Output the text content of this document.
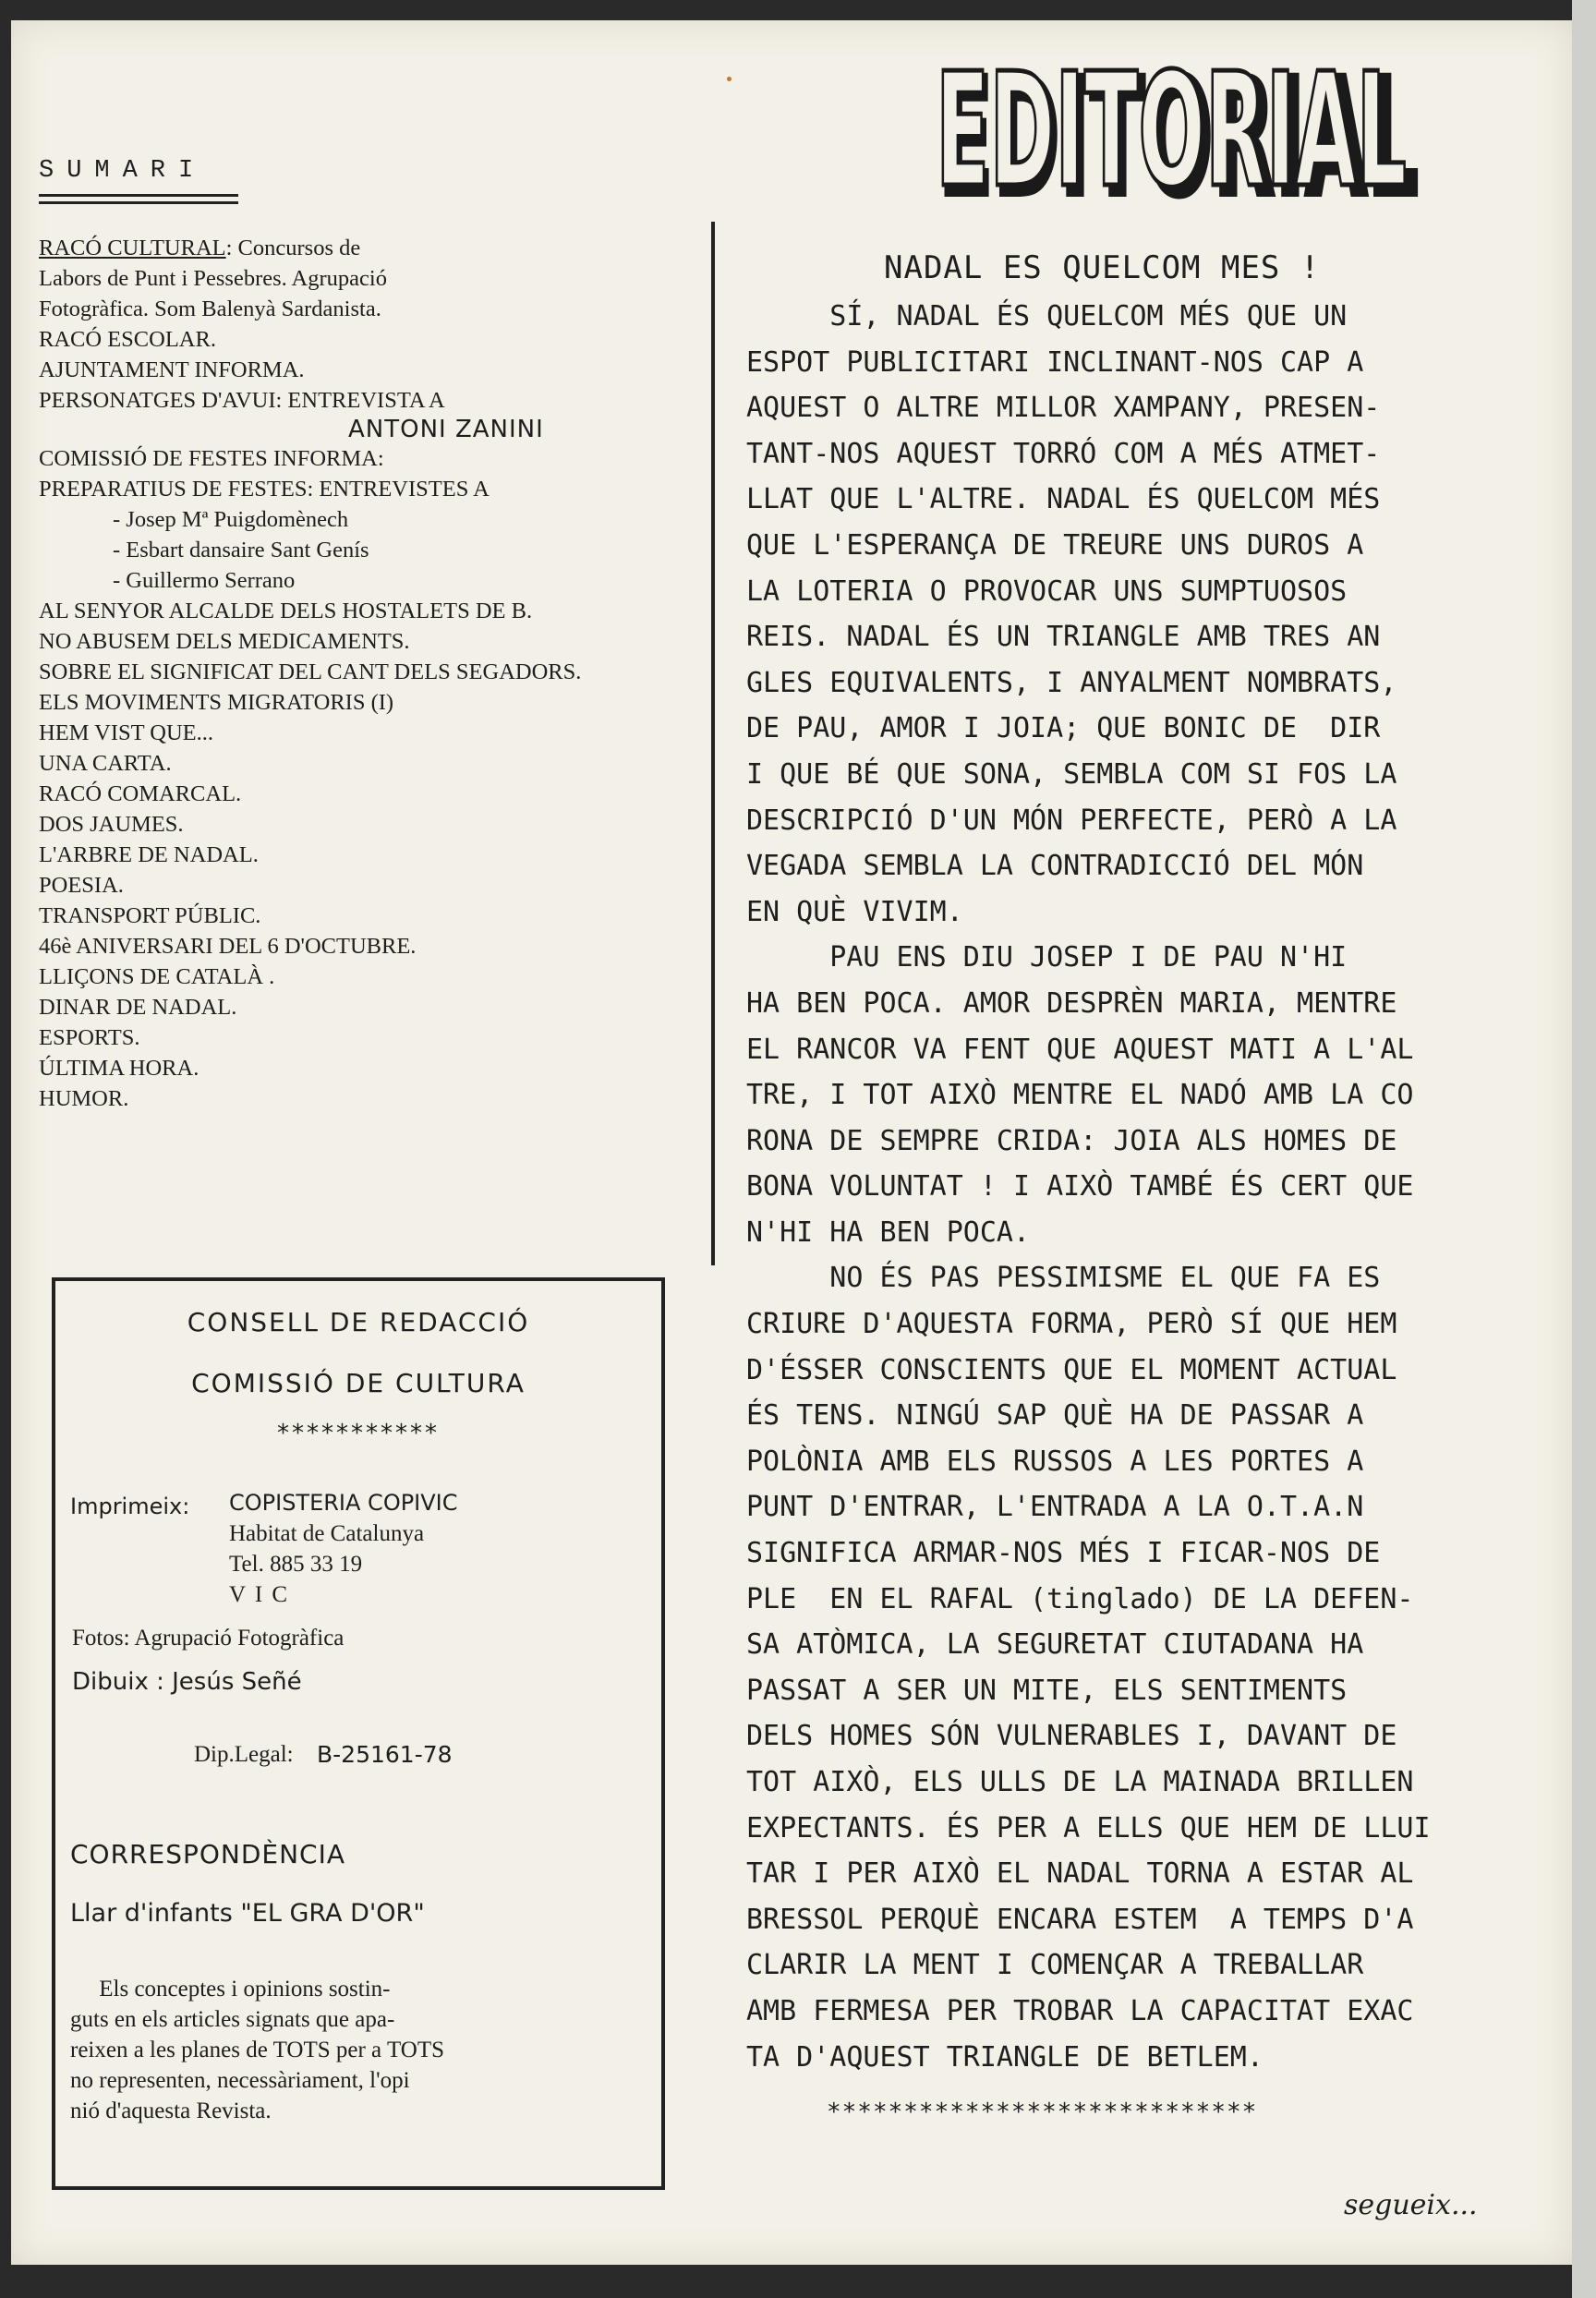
SUMARI
RACÓ CULTURAL: Concursos de
Labors de Punt i Pessebres. Agrupació
Fotogràfica. Som Balenyà Sardanista.
RACÓ ESCOLAR.
AJUNTAMENT INFORMA.
PERSONATGES D'AVUI: ENTREVISTA A
ANTONI ZANINI
COMISSIÓ DE FESTES INFORMA:
PREPARATIUS DE FESTES: ENTREVISTES A
- Josep Mª Puigdomènech
- Esbart dansaire Sant Genís
- Guillermo Serrano
AL SENYOR ALCALDE DELS HOSTALETS DE B.
NO ABUSEM DELS MEDICAMENTS.
SOBRE EL SIGNIFICAT DEL CANT DELS SEGADORS.
ELS MOVIMENTS MIGRATORIS (I)
HEM VIST QUE...
UNA CARTA.
RACÓ COMARCAL.
DOS JAUMES.
L'ARBRE DE NADAL.
POESIA.
TRANSPORT PÚBLIC.
46è ANIVERSARI DEL 6 D'OCTUBRE.
LLIÇONS DE CATALÀ .
DINAR DE NADAL.
ESPORTS.
ÚLTIMA HORA.
HUMOR.
CONSELL DE REDACCIÓ
COMISSIÓ DE CULTURA
***********
Imprimeix: COPISTERIA COPIVIC
Habitat de Catalunya
Tel. 885 33 19
V I C
Fotos: Agrupació Fotogràfica
Dibuix : Jesús Señé
Dip.Legal: B-25161-78
CORRESPONDÈNCIA
Llar d'infants "EL GRA D'OR"
Els conceptes i opinions sostin-
guts en els articles signats que apa-
reixen a les planes de TOTS per a TOTS
no representen, necessàriament, l'opi
nió d'aquesta Revista.
EDITORIAL
EDITORIAL
NADAL ES QUELCOM MES !
SÍ, NADAL ÉS QUELCOM MÉS QUE UN
ESPOT PUBLICITARI INCLINANT-NOS CAP A
AQUEST O ALTRE MILLOR XAMPANY, PRESEN-
TANT-NOS AQUEST TORRÓ COM A MÉS ATMET-
LLAT QUE L'ALTRE. NADAL ÉS QUELCOM MÉS
QUE L'ESPERANÇA DE TREURE UNS DUROS A
LA LOTERIA O PROVOCAR UNS SUMPTUOSOS
REIS. NADAL ÉS UN TRIANGLE AMB TRES AN
GLES EQUIVALENTS, I ANYALMENT NOMBRATS,
DE PAU, AMOR I JOIA; QUE BONIC DE  DIR
I QUE BÉ QUE SONA, SEMBLA COM SI FOS LA
DESCRIPCIÓ D'UN MÓN PERFECTE, PERÒ A LA
VEGADA SEMBLA LA CONTRADICCIÓ DEL MÓN
EN QUÈ VIVIM.
PAU ENS DIU JOSEP I DE PAU N'HI
HA BEN POCA. AMOR DESPRÈN MARIA, MENTRE
EL RANCOR VA FENT QUE AQUEST MATI A L'AL
TRE, I TOT AIXÒ MENTRE EL NADÓ AMB LA CO
RONA DE SEMPRE CRIDA: JOIA ALS HOMES DE
BONA VOLUNTAT ! I AIXÒ TAMBÉ ÉS CERT QUE
N'HI HA BEN POCA.
NO ÉS PAS PESSIMISME EL QUE FA ES
CRIURE D'AQUESTA FORMA, PERÒ SÍ QUE HEM
D'ÉSSER CONSCIENTS QUE EL MOMENT ACTUAL
ÉS TENS. NINGÚ SAP QUÈ HA DE PASSAR A
POLÒNIA AMB ELS RUSSOS A LES PORTES A
PUNT D'ENTRAR, L'ENTRADA A LA O.T.A.N
SIGNIFICA ARMAR-NOS MÉS I FICAR-NOS DE
PLE  EN EL RAFAL (tinglado) DE LA DEFEN-
SA ATÒMICA, LA SEGURETAT CIUTADANA HA
PASSAT A SER UN MITE, ELS SENTIMENTS
DELS HOMES SÓN VULNERABLES I, DAVANT DE
TOT AIXÒ, ELS ULLS DE LA MAINADA BRILLEN
EXPECTANTS. ÉS PER A ELLS QUE HEM DE LLUI
TAR I PER AIXÒ EL NADAL TORNA A ESTAR AL
BRESSOL PERQUÈ ENCARA ESTEM  A TEMPS D'A
CLARIR LA MENT I COMENÇAR A TREBALLAR
AMB FERMESA PER TROBAR LA CAPACITAT EXAC
TA D'AQUEST TRIANGLE DE BETLEM.
****************************
segueix...
